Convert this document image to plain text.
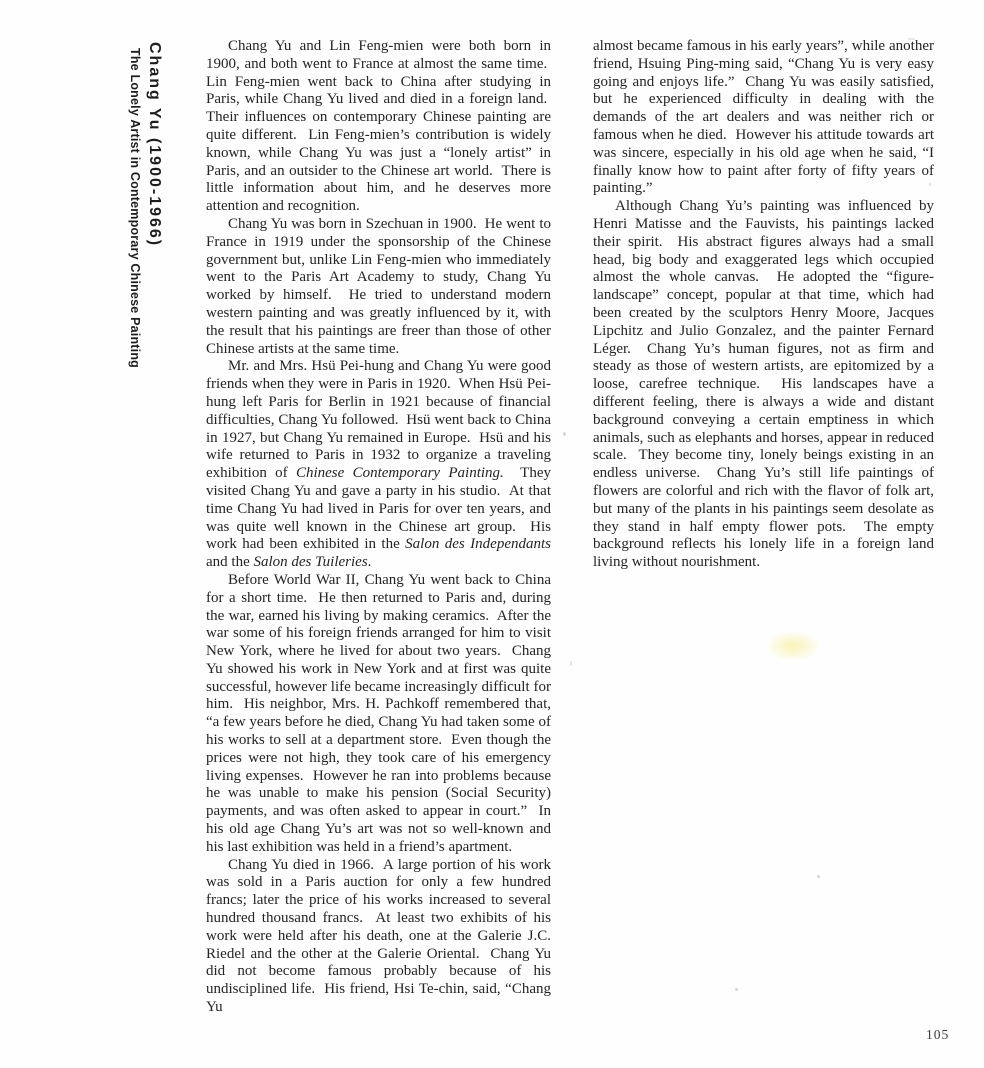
Chang Yu (1900-1966)
The Lonely Artist in Contemporary Chinese Painting

Chang Yu and Lin Feng-mien were both born in 1900, and both went to France at almost the same time.  Lin Feng-mien went back to China after studying in Paris, while Chang Yu lived and died in a foreign land.  Their influences on contemporary Chinese painting are quite different.  Lin Feng-mien’s contribution is widely known, while Chang Yu was just a “lonely artist” in Paris, and an outsider to the Chinese art world.  There is little information about him, and he deserves more attention and recognition.

Chang Yu was born in Szechuan in 1900.  He went to France in 1919 under the sponsorship of the Chinese government but, unlike Lin Feng-mien who immediately went to the Paris Art Academy to study, Chang Yu worked by himself.  He tried to understand modern western painting and was greatly influenced by it, with the result that his paintings are freer than those of other Chinese artists at the same time.

Mr. and Mrs. Hsü Pei-hung and Chang Yu were good friends when they were in Paris in 1920.  When Hsü Pei-hung left Paris for Berlin in 1921 because of financial difficulties, Chang Yu followed.  Hsü went back to China in 1927, but Chang Yu remained in Europe.  Hsü and his wife returned to Paris in 1932 to organize a traveling exhibition of Chinese Contemporary Painting.  They visited Chang Yu and gave a party in his studio.  At that time Chang Yu had lived in Paris for over ten years, and was quite well known in the Chinese art group.  His work had been exhibited in the Salon des Independants and the Salon des Tuileries.

Before World War II, Chang Yu went back to China for a short time.  He then returned to Paris and, during the war, earned his living by making ceramics.  After the war some of his foreign friends arranged for him to visit New York, where he lived for about two years.  Chang Yu showed his work in New York and at first was quite successful, however life became increasingly difficult for him.  His neighbor, Mrs. H. Pachkoff remembered that, “a few years before he died, Chang Yu had taken some of his works to sell at a department store.  Even though the prices were not high, they took care of his emergency living expenses.  However he ran into problems because he was unable to make his pension (Social Security) payments, and was often asked to appear in court.”  In his old age Chang Yu’s art was not so well-known and his last exhibition was held in a friend’s apartment.

Chang Yu died in 1966.  A large portion of his work was sold in a Paris auction for only a few hundred francs; later the price of his works increased to several hundred thousand francs.  At least two exhibits of his work were held after his death, one at the Galerie J.C. Riedel and the other at the Galerie Oriental.  Chang Yu did not become famous probably because of his undisciplined life.  His friend, Hsi Te-chin, said, “Chang Yu

almost became famous in his early years”, while another friend, Hsuing Ping-ming said, “Chang Yu is very easy going and enjoys life.”  Chang Yu was easily satisfied, but he experienced difficulty in dealing with the demands of the art dealers and was neither rich or famous when he died.  However his attitude towards art was sincere, especially in his old age when he said, “I finally know how to paint after forty of fifty years of painting.”

Although Chang Yu’s painting was influenced by Henri Matisse and the Fauvists, his paintings lacked their spirit.  His abstract figures always had a small head, big body and exaggerated legs which occupied almost the whole canvas.  He adopted the “figure-landscape” concept, popular at that time, which had been created by the sculptors Henry Moore, Jacques Lipchitz and Julio Gonzalez, and the painter Fernard Léger.  Chang Yu’s human figures, not as firm and steady as those of western artists, are epitomized by a loose, carefree technique.  His landscapes have a different feeling, there is always a wide and distant background conveying a certain emptiness in which animals, such as elephants and horses, appear in reduced scale.  They become tiny, lonely beings existing in an endless universe.  Chang Yu’s still life paintings of flowers are colorful and rich with the flavor of folk art, but many of the plants in his paintings seem desolate as they stand in half empty flower pots.  The empty background reflects his lonely life in a foreign land living without nourishment.

105
